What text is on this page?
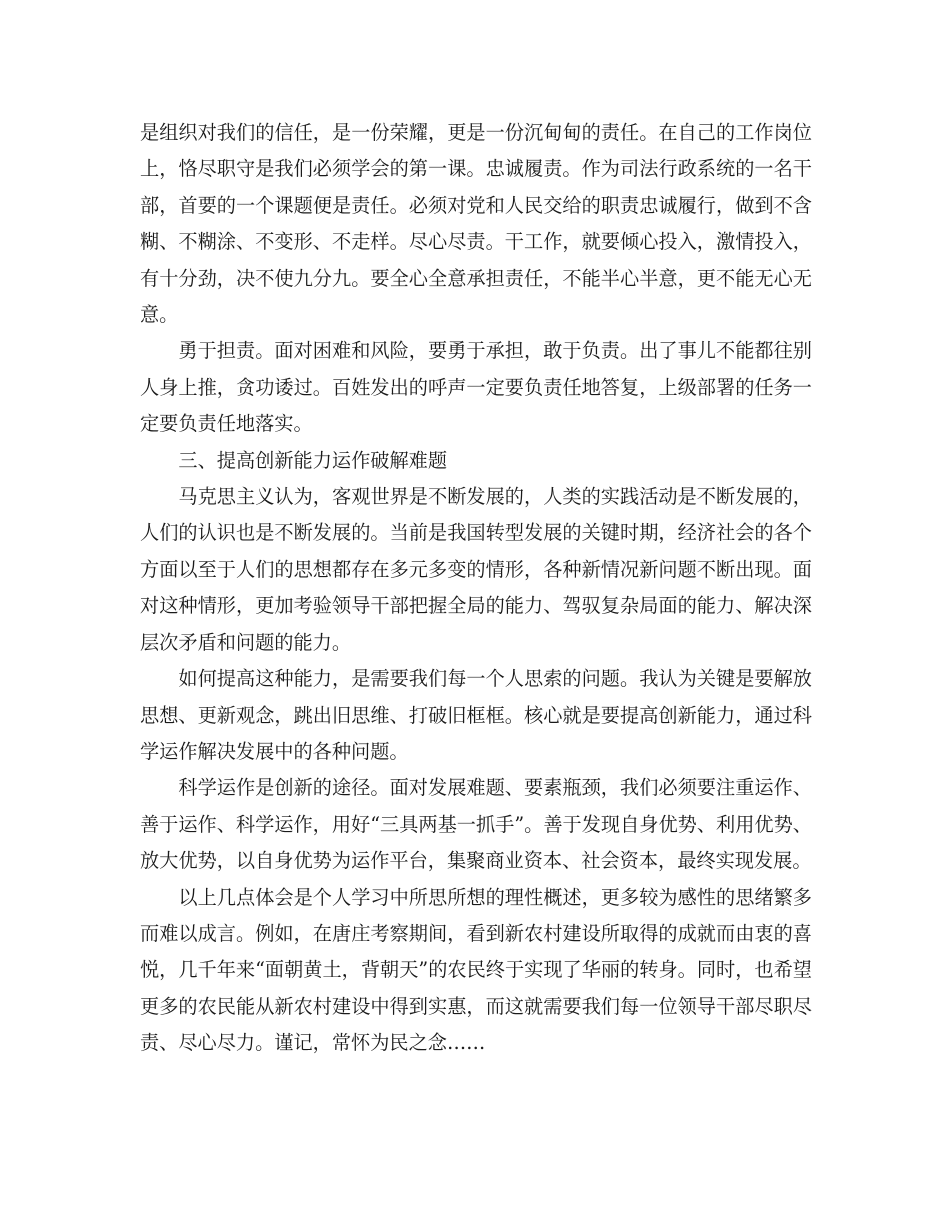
是组织对我们的信任，是一份荣耀，更是一份沉甸甸的责任。在自己的工作岗位上，恪尽职守是我们必须学会的第一课。忠诚履责。作为司法行政系统的一名干部，首要的一个课题便是责任。必须对党和人民交给的职责忠诚履行，做到不含糊、不糊涂、不变形、不走样。尽心尽责。干工作，就要倾心投入，激情投入，有十分劲，决不使九分九。要全心全意承担责任，不能半心半意，更不能无心无意。

勇于担责。面对困难和风险，要勇于承担，敢于负责。出了事儿不能都往别人身上推，贪功诿过。百姓发出的呼声一定要负责任地答复，上级部署的任务一定要负责任地落实。

三、提高创新能力运作破解难题

马克思主义认为，客观世界是不断发展的，人类的实践活动是不断发展的，人们的认识也是不断发展的。当前是我国转型发展的关键时期，经济社会的各个方面以至于人们的思想都存在多元多变的情形，各种新情况新问题不断出现。面对这种情形，更加考验领导干部把握全局的能力、驾驭复杂局面的能力、解决深层次矛盾和问题的能力。

如何提高这种能力，是需要我们每一个人思索的问题。我认为关键是要解放思想、更新观念，跳出旧思维、打破旧框框。核心就是要提高创新能力，通过科学运作解决发展中的各种问题。

科学运作是创新的途径。面对发展难题、要素瓶颈，我们必须要注重运作、善于运作、科学运作，用好“三具两基一抓手”。善于发现自身优势、利用优势、放大优势，以自身优势为运作平台，集聚商业资本、社会资本，最终实现发展。

以上几点体会是个人学习中所思所想的理性概述，更多较为感性的思绪繁多而难以成言。例如，在唐庄考察期间，看到新农村建设所取得的成就而由衷的喜悦，几千年来“面朝黄土，背朝天”的农民终于实现了华丽的转身。同时，也希望更多的农民能从新农村建设中得到实惠，而这就需要我们每一位领导干部尽职尽责、尽心尽力。谨记，常怀为民之念……
